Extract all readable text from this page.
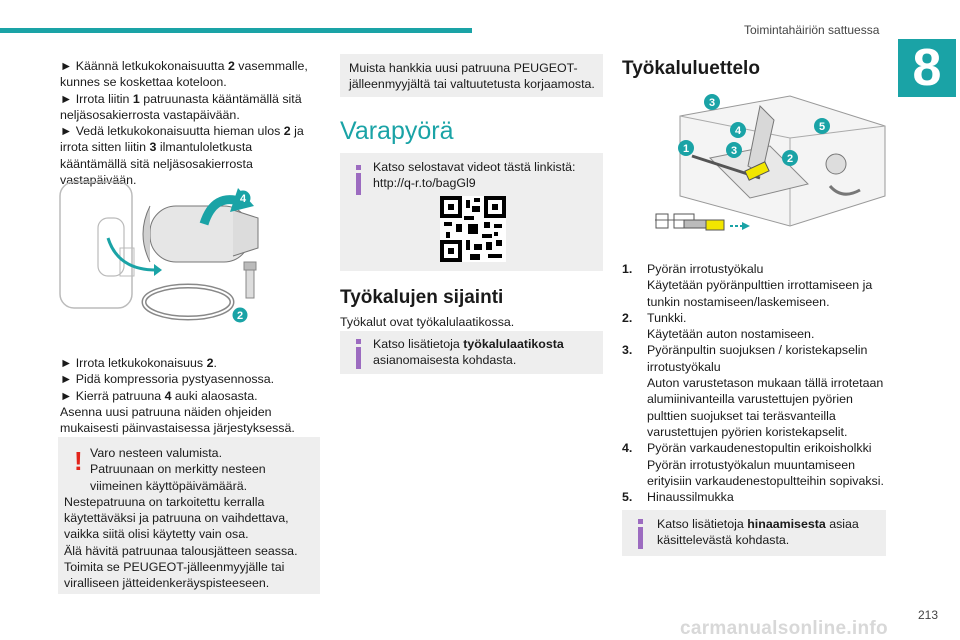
Toimintahäiriön sattuessa
8

► Käännä letkukokonaisuutta 2 vasemmalle, kunnes se koskettaa koteloon.

► Irrota liitin 1 patruunasta kääntämällä sitä neljäsosakierrosta vastapäivään.

► Vedä letkukokonaisuutta hieman ulos 2 ja irrota sitten liitin 3 ilmantuloletkusta kääntämällä sitä neljäsosakierrosta vastapäivään.

4
2

► Irrota letkukokonaisuus 2.

► Pidä kompressoria pystyasennossa.

► Kierrä patruuna 4 auki alaosasta.

Asenna uusi patruuna näiden ohjeiden mukaisesti päinvastaisessa järjestyksessä.

! Varo nesteen valumista.

Patruunaan on merkitty nesteen viimeinen käyttöpäivämäärä.

Nestepatruuna on tarkoitettu kerralla käytettäväksi ja patruuna on vaihdettava, vaikka siitä olisi käytetty vain osa.

Älä hävitä patruunaa talousjätteen seassa. Toimita se PEUGEOT-jälleenmyyjälle tai viralliseen jätteidenkeräyspisteeseen.

Muista hankkia uusi patruuna PEUGEOT-jälleenmyyjältä tai valtuutetusta korjaamosta.
Varapyörä
Katso selostavat videot tästä linkistä:
http://q-r.to/bagGl9
Työkalujen sijainti
Työkalut ovat työkalulaatikossa.
Katso lisätietoja työkalulaatikosta asianomaisesta kohdasta.
Työkaluluettelo
3
4	5
1	3
2
1.	Pyörän irrotustyökalu
Käytetään pyöränpulttien irrottamiseen ja tunkin nostamiseen/laskemiseen.
2.	Tunkki.
Käytetään auton nostamiseen.
3.	Pyöränpultin suojuksen / koristekapselin irrotustyökalu
Auton varustetason mukaan tällä irrotetaan alumiinivanteilla varustettujen pyörien pulttien suojukset tai teräsvanteilla varustettujen pyörien koristekapselit.
4.	Pyörän varkaudenestopultin erikoisholkki
Pyörän irrotustyökalun muuntamiseen erityisiin varkaudenestopultteihin sopivaksi.
5.	Hinaussilmukka
Katso lisätietoja hinaamisesta asiaa käsittelevästä kohdasta.
213
carmanualsonline.info
